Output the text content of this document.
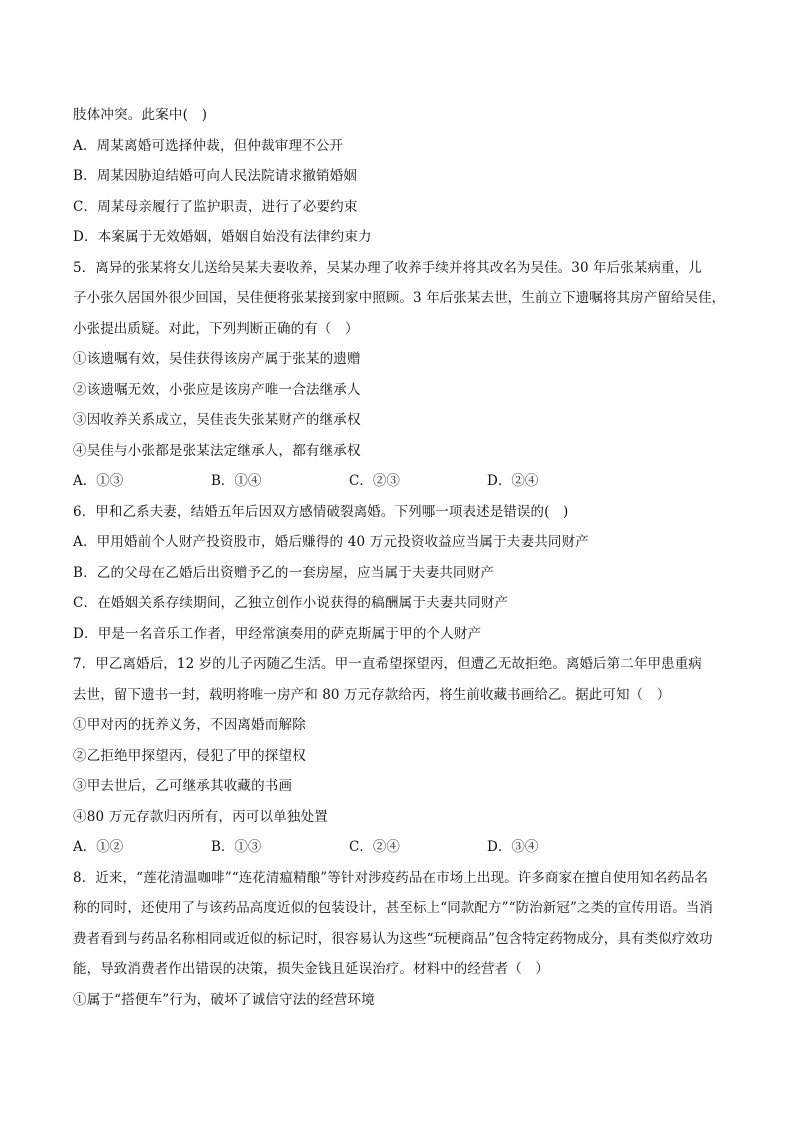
肢体冲突。此案中(　)
A．周某离婚可选择仲裁，但仲裁审理不公开
B．周某因胁迫结婚可向人民法院请求撤销婚姻
C．周某母亲履行了监护职责，进行了必要约束
D．本案属于无效婚姻，婚姻自始没有法律约束力
5．离异的张某将女儿送给吴某夫妻收养，吴某办理了收养手续并将其改名为吴佳。30 年后张某病重，儿
子小张久居国外很少回国，吴佳便将张某接到家中照顾。3 年后张某去世，生前立下遗嘱将其房产留给吴佳，
小张提出质疑。对此，下列判断正确的有（　）
①该遗嘱有效，吴佳获得该房产属于张某的遗赠
②该遗嘱无效，小张应是该房产唯一合法继承人
③因收养关系成立，吴佳丧失张某财产的继承权
④吴佳与小张都是张某法定继承人，都有继承权
A．①③	B．①④	C．②③	D．②④
6．甲和乙系夫妻，结婚五年后因双方感情破裂离婚。下列哪一项表述是错误的(　)
A．甲用婚前个人财产投资股市，婚后赚得的 40 万元投资收益应当属于夫妻共同财产
B．乙的父母在乙婚后出资赠予乙的一套房屋，应当属于夫妻共同财产
C．在婚姻关系存续期间，乙独立创作小说获得的稿酬属于夫妻共同财产
D．甲是一名音乐工作者，甲经常演奏用的萨克斯属于甲的个人财产
7．甲乙离婚后，12 岁的儿子丙随乙生活。甲一直希望探望丙，但遭乙无故拒绝。离婚后第二年甲患重病
去世，留下遗书一封，载明将唯一房产和 80 万元存款给丙，将生前收藏书画给乙。据此可知（　）
①甲对丙的抚养义务，不因离婚而解除
②乙拒绝甲探望丙，侵犯了甲的探望权
③甲去世后，乙可继承其收藏的书画
④80 万元存款归丙所有，丙可以单独处置
A．①②	B．①③	C．②④	D．③④
8．近来，“莲花清温咖啡”“连花清瘟精酿”等针对涉疫药品在市场上出现。许多商家在擅自使用知名药品名
称的同时，还使用了与该药品高度近似的包装设计，甚至标上“同款配方”“防治新冠”之类的宣传用语。当消
费者看到与药品名称相同或近似的标记时，很容易认为这些“玩梗商品”包含特定药物成分，具有类似疗效功
能，导致消费者作出错误的决策，损失金钱且延误治疗。材料中的经营者（　）
①属于“搭便车”行为，破坏了诚信守法的经营环境
